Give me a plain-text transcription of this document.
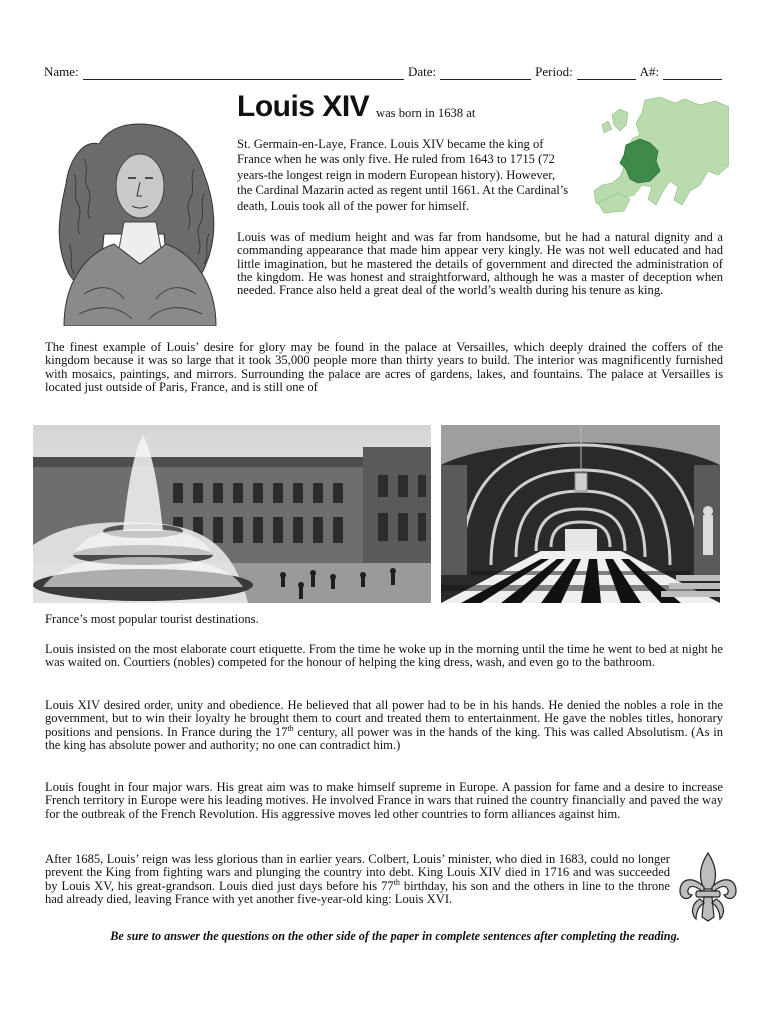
Name:	Date:	Period:	A#:
Louis XIV was born in 1638 at

St. Germain-en-Laye, France. Louis XIV became the king of France when he was only five. He ruled from 1643 to 1715 (72 years-the longest reign in modern European history). However, the Cardinal Mazarin acted as regent until 1661. At the Cardinal’s death, Louis took all of the power for himself.

Louis was of medium height and was far from handsome, but he had a natural dignity and a commanding appearance that made him appear very kingly. He was not well educated and had little imagination, but he mastered the details of government and directed the administration of the kingdom. He was honest and straightforward, although he was a master of deception when needed. France also held a great deal of the world’s wealth during his tenure as king.

The finest example of Louis’ desire for glory may be found in the palace at Versailles, which deeply drained the coffers of the kingdom because it was so large that it took 35,000 people more than thirty years to build. The interior was magnificently furnished with mosaics, paintings, and mirrors. Surrounding the palace are acres of gardens, lakes, and fountains. The palace at Versailles is located just outside of Paris, France, and is still one of

France’s most popular tourist destinations.

Louis insisted on the most elaborate court etiquette. From the time he woke up in the morning until the time he went to bed at night he was waited on. Courtiers (nobles) competed for the honour of helping the king dress, wash, and even go to the bathroom.

Louis XIV desired order, unity and obedience. He believed that all power had to be in his hands. He denied the nobles a role in the government, but to win their loyalty he brought them to court and treated them to entertainment. He gave the nobles titles, honorary positions and pensions. In France during the 17th century, all power was in the hands of the king. This was called Absolutism. (As in the king has absolute power and authority; no one can contradict him.)

Louis fought in four major wars. His great aim was to make himself supreme in Europe. A passion for fame and a desire to increase French territory in Europe were his leading motives. He involved France in wars that ruined the country financially and paved the way for the outbreak of the French Revolution. His aggressive moves led other countries to form alliances against him.

After 1685, Louis’ reign was less glorious than in earlier years. Colbert, Louis’ minister, who died in 1683, could no longer prevent the King from fighting wars and plunging the country into debt. King Louis XIV died in 1716 and was succeeded by Louis XV, his great-grandson. Louis died just days before his 77th birthday, his son and the others in line to the throne had already died, leaving France with yet another five-year-old king: Louis XVI.

Be sure to answer the questions on the other side of the paper in complete sentences after completing the reading.
